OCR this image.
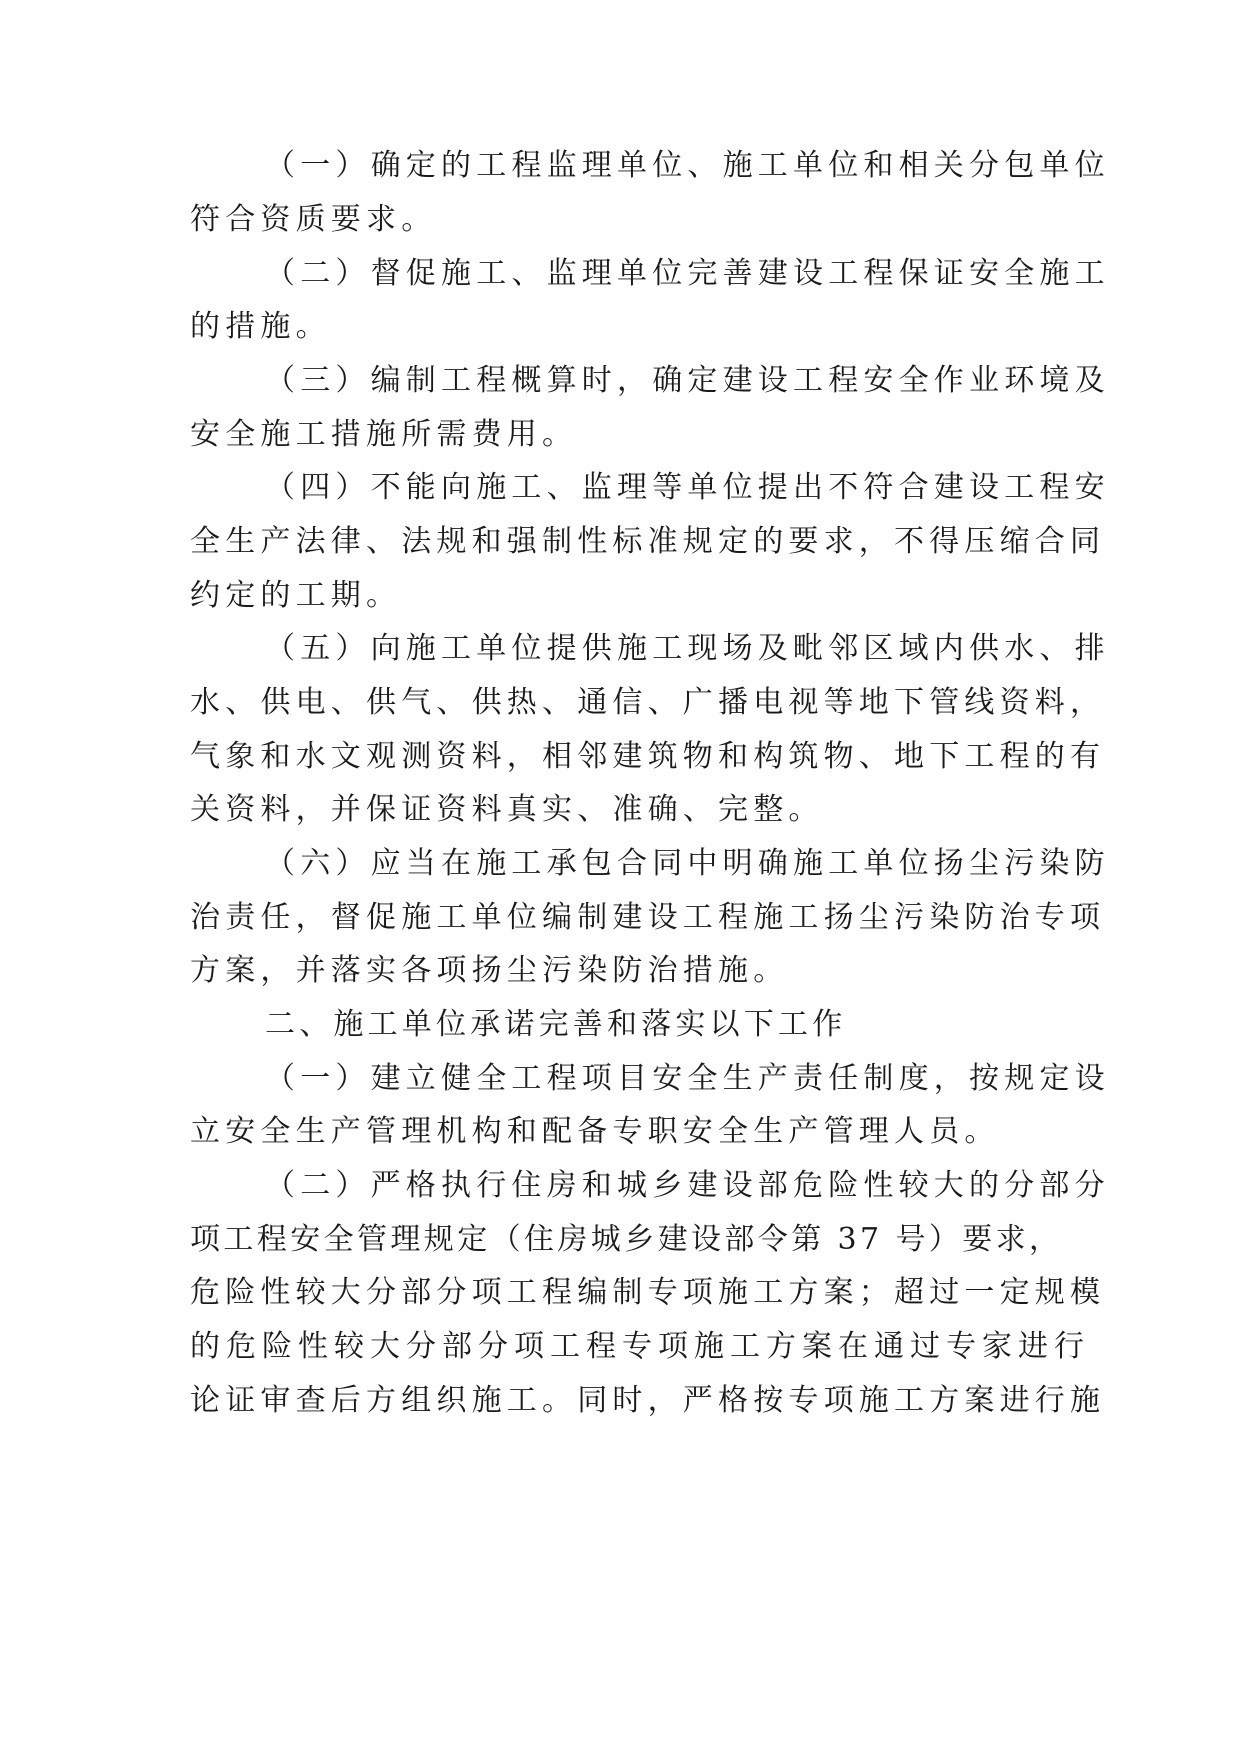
（一）确定的工程监理单位、施工单位和相关分包单位
符合资质要求。
（二）督促施工、监理单位完善建设工程保证安全施工
的措施。
（三）编制工程概算时，确定建设工程安全作业环境及
安全施工措施所需费用。
（四）不能向施工、监理等单位提出不符合建设工程安
全生产法律、法规和强制性标准规定的要求，不得压缩合同
约定的工期。
（五）向施工单位提供施工现场及毗邻区域内供水、排
水、供电、供气、供热、通信、广播电视等地下管线资料，
气象和水文观测资料，相邻建筑物和构筑物、地下工程的有
关资料，并保证资料真实、准确、完整。
（六）应当在施工承包合同中明确施工单位扬尘污染防
治责任，督促施工单位编制建设工程施工扬尘污染防治专项
方案，并落实各项扬尘污染防治措施。
二、施工单位承诺完善和落实以下工作
（一）建立健全工程项目安全生产责任制度，按规定设
立安全生产管理机构和配备专职安全生产管理人员。
（二）严格执行住房和城乡建设部危险性较大的分部分
项工程安全管理规定（住房城乡建设部令第 37 号）要求，
危险性较大分部分项工程编制专项施工方案；超过一定规模
的危险性较大分部分项工程专项施工方案在通过专家进行
论证审查后方组织施工。同时，严格按专项施工方案进行施
